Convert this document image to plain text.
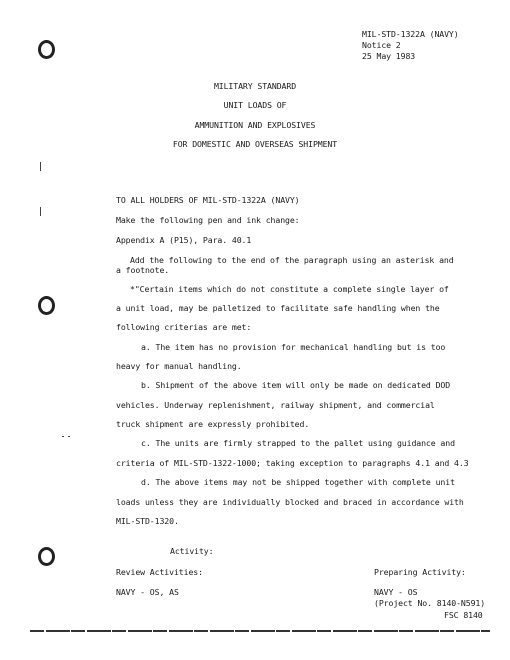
MIL-STD-1322A (NAVY)
Notice 2
25 May 1983
MILITARY STANDARD
UNIT LOADS OF
AMMUNITION AND EXPLOSIVES
FOR DOMESTIC AND OVERSEAS SHIPMENT
TO ALL HOLDERS OF MIL-STD-1322A (NAVY)
Make the following pen and ink change:
Appendix A (P15), Para. 40.1
Add the following to the end of the paragraph using an asterisk and
a footnote.
*"Certain items which do not constitute a complete single layer of
a unit load, may be palletized to facilitate safe handling when the
following criterias are met:
a. The item has no provision for mechanical handling but is too
heavy for manual handling.
b. Shipment of the above item will only be made on dedicated DOD
vehicles. Underway replenishment, railway shipment, and commercial
truck shipment are expressly prohibited.
c. The units are firmly strapped to the pallet using guidance and
criteria of MIL-STD-1322-1000; taking exception to paragraphs 4.1 and 4.3
d. The above items may not be shipped together with complete unit
loads unless they are individually blocked and braced in accordance with
MIL-STD-1320.
Activity:
Review Activities:
NAVY - OS, AS
Preparing Activity:
NAVY - OS
(Project No. 8140-N591)
FSC 8140
